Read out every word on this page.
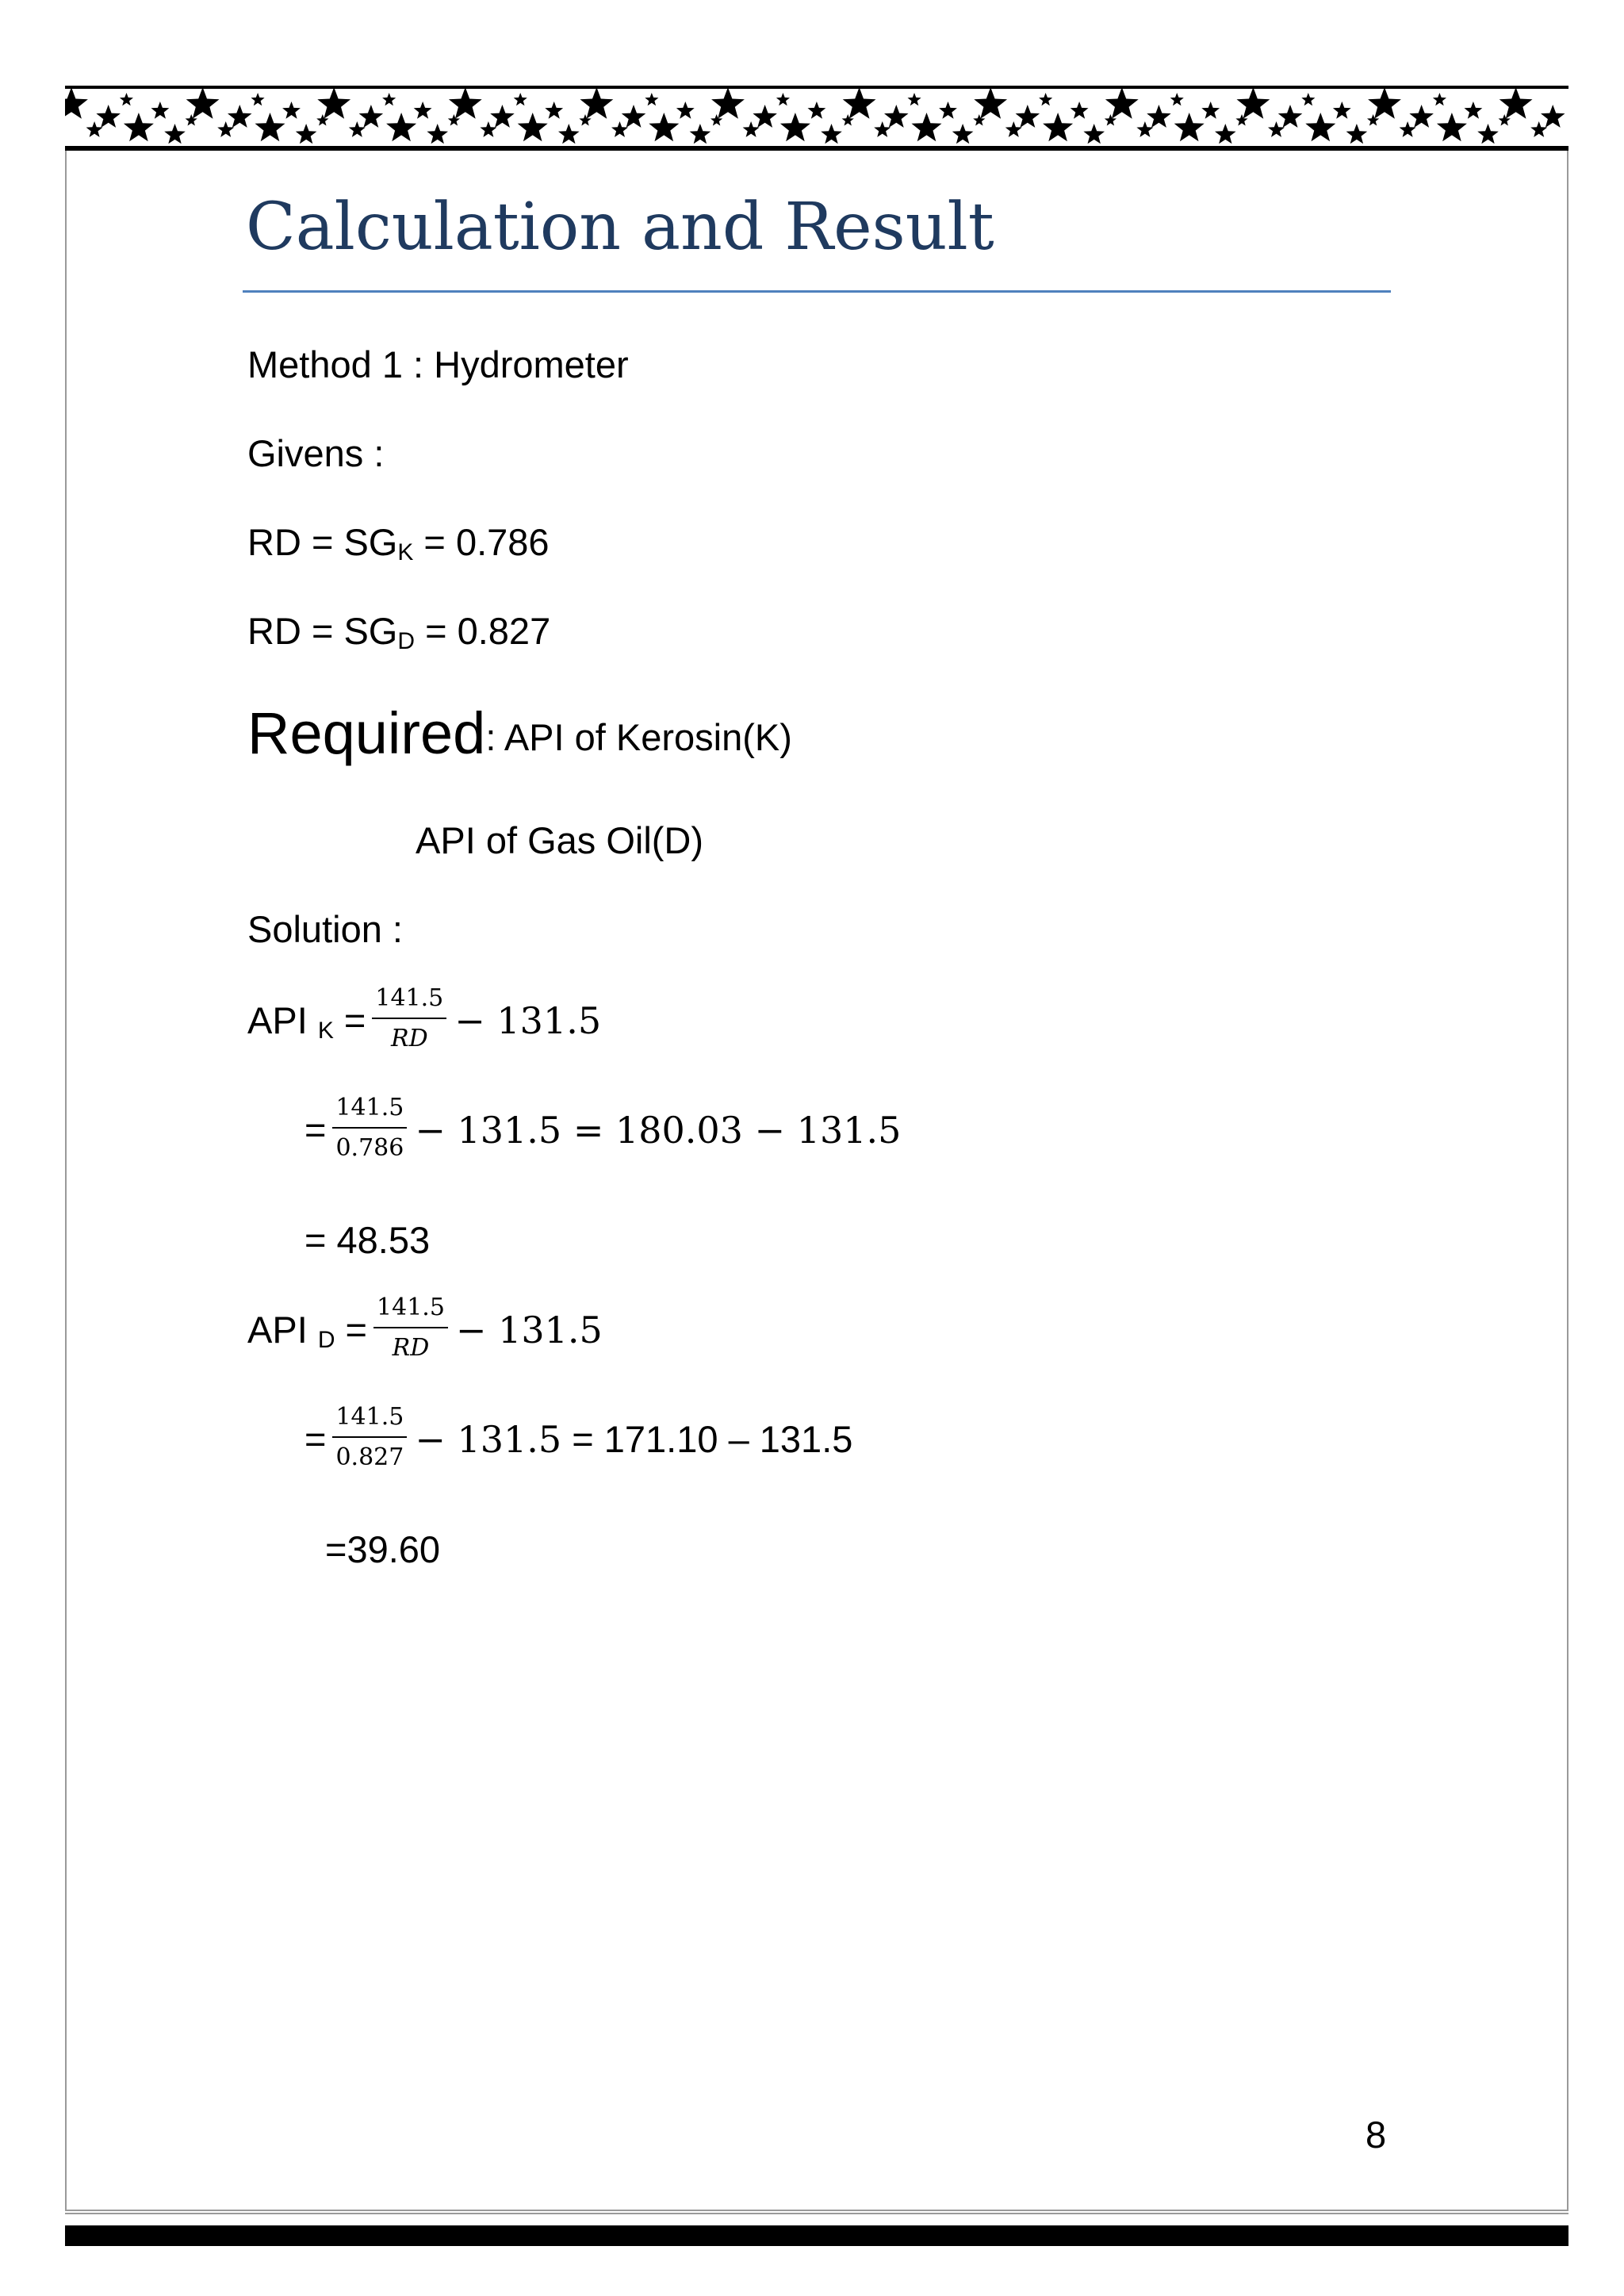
Calculation and Result
Method 1 : Hydrometer
Givens :
RD = $SG_K = 0.786$
RD = $SG_D = 0.827$
Required: API of Kerosin(K)
API of Gas Oil(D)
Solution :
API $_K = \frac{141.5}{RD} - 131.5$
= $\frac{141.5}{0.786} - 131.5 = 180.03 - 131.5$
= 48.53
API $_D = \frac{141.5}{RD} - 131.5$
= $\frac{141.5}{0.827} - 131.5 = 171.10 - 131.5$
=39.60
8
